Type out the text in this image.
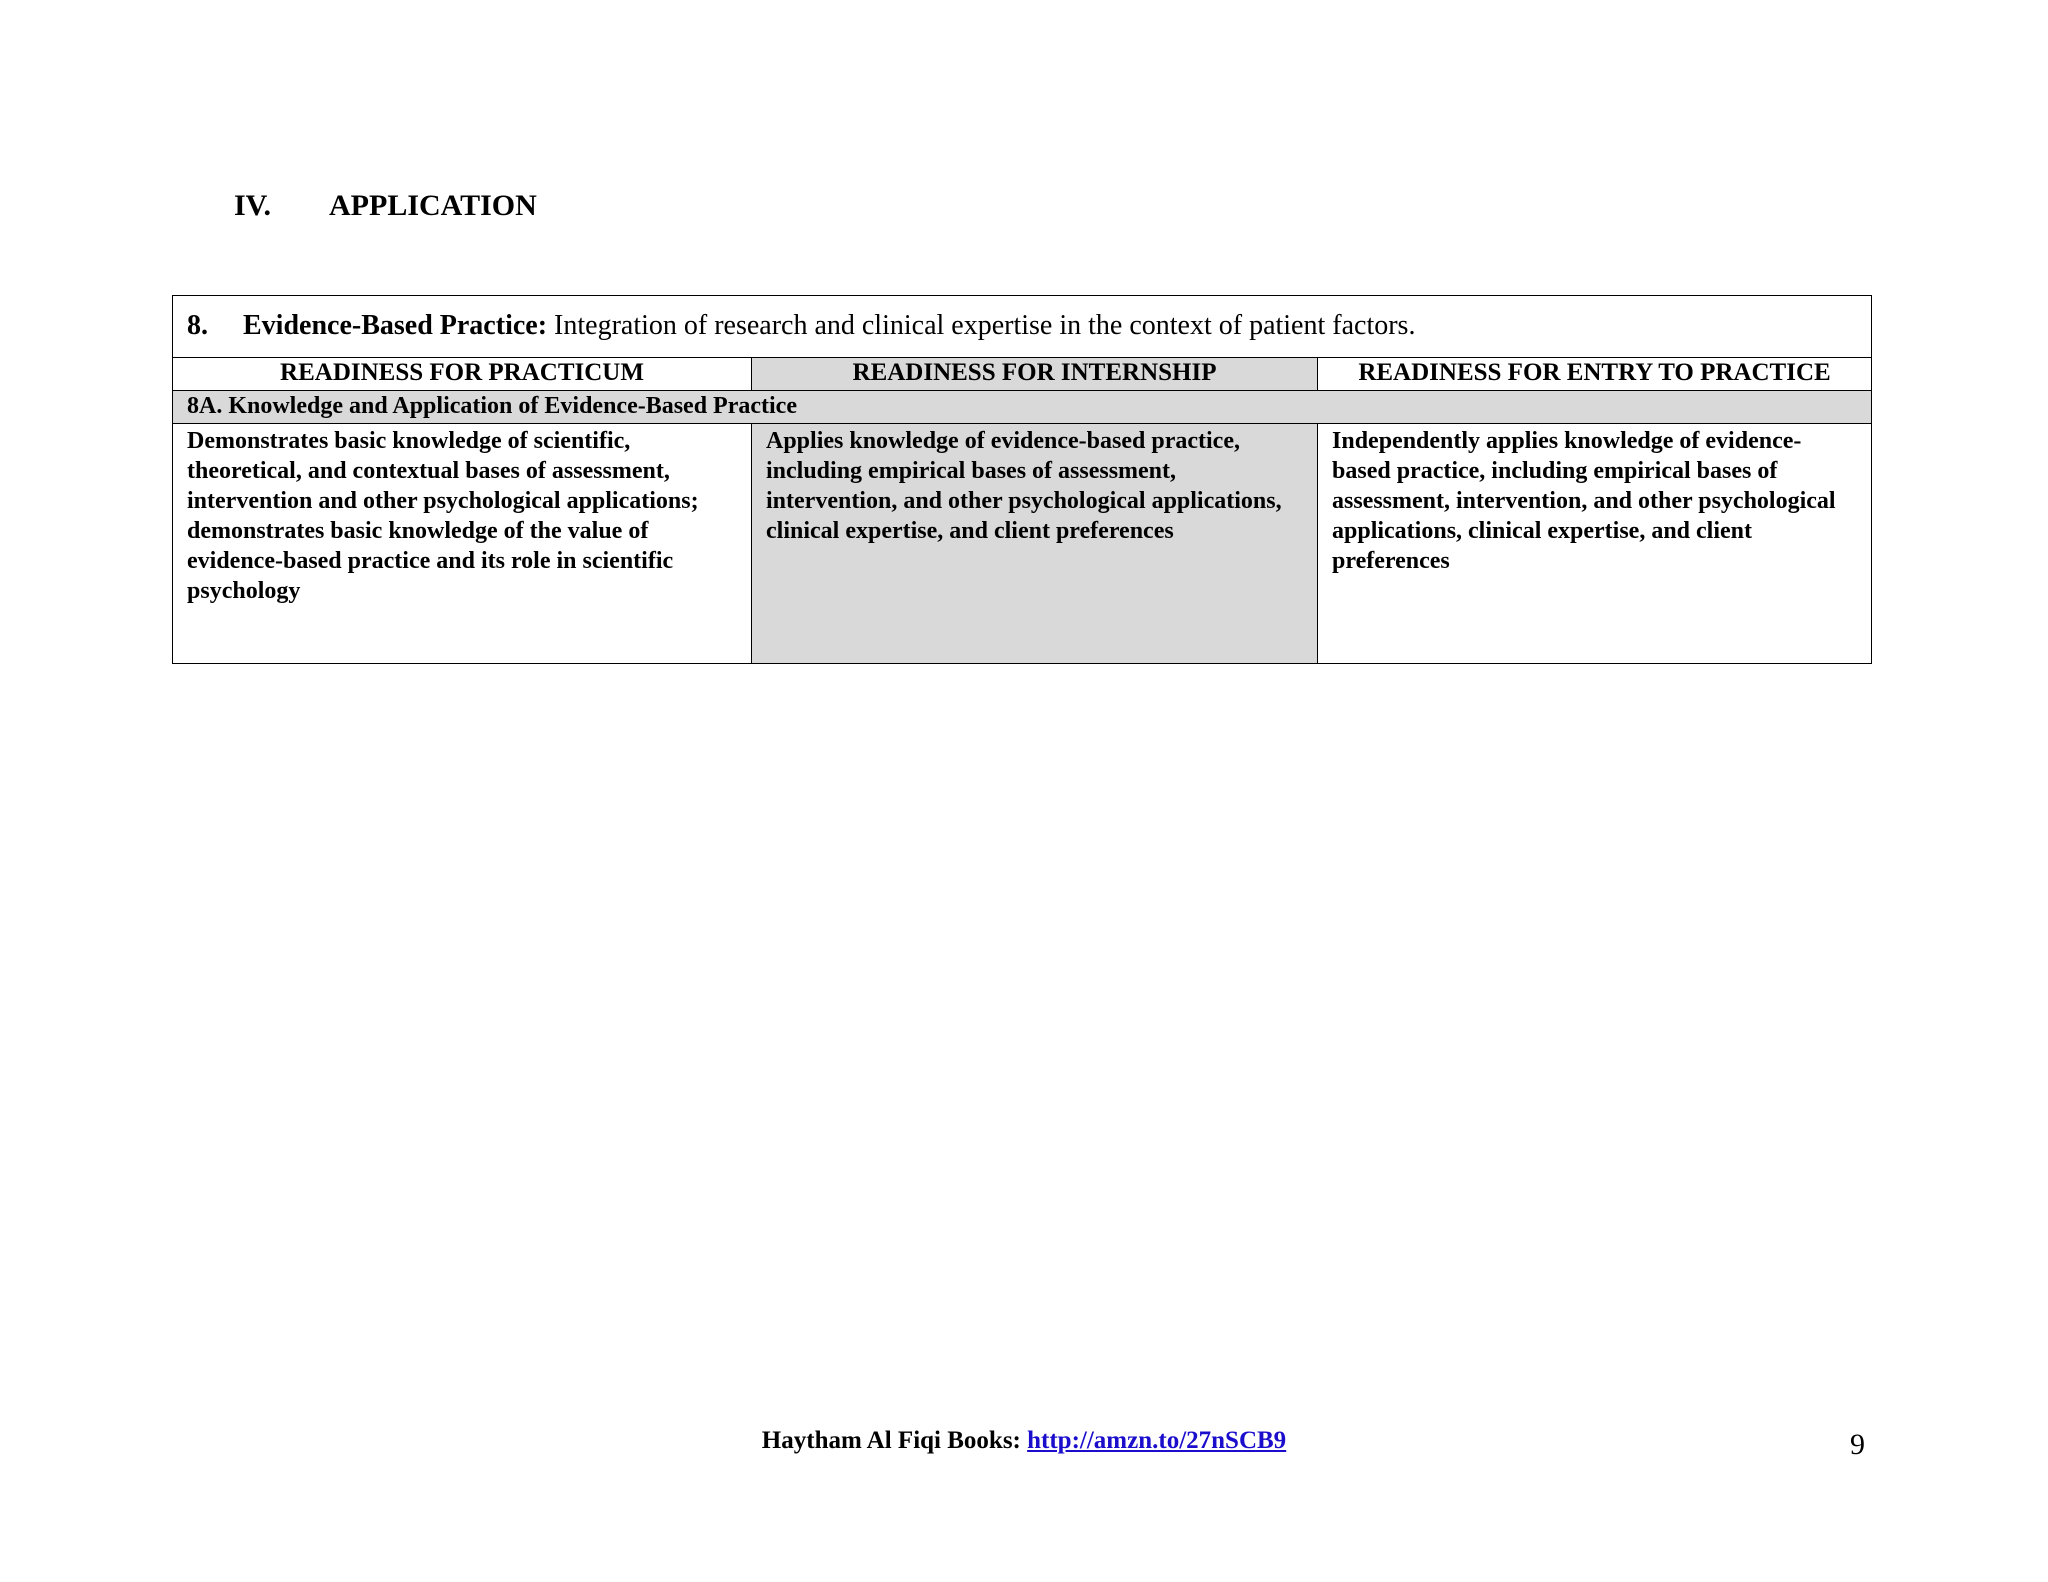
IV. APPLICATION
8. Evidence-Based Practice: Integration of research and clinical expertise in the context of patient factors.		
READINESS FOR PRACTICUM	READINESS FOR INTERNSHIP	READINESS FOR ENTRY TO PRACTICE
8A. Knowledge and Application of Evidence-Based Practice		
Demonstrates basic knowledge of scientific, theoretical, and contextual bases of assessment, intervention and other psychological applications; demonstrates basic knowledge of the value of evidence-based practice and its role in scientific psychology	Applies knowledge of evidence-based practice, including empirical bases of assessment, intervention, and other psychological applications, clinical expertise, and client preferences	Independently applies knowledge of evidence-based practice, including empirical bases of assessment, intervention, and other psychological applications, clinical expertise, and client preferences
Haytham Al Fiqi Books: http://amzn.to/27nSCB9	9
